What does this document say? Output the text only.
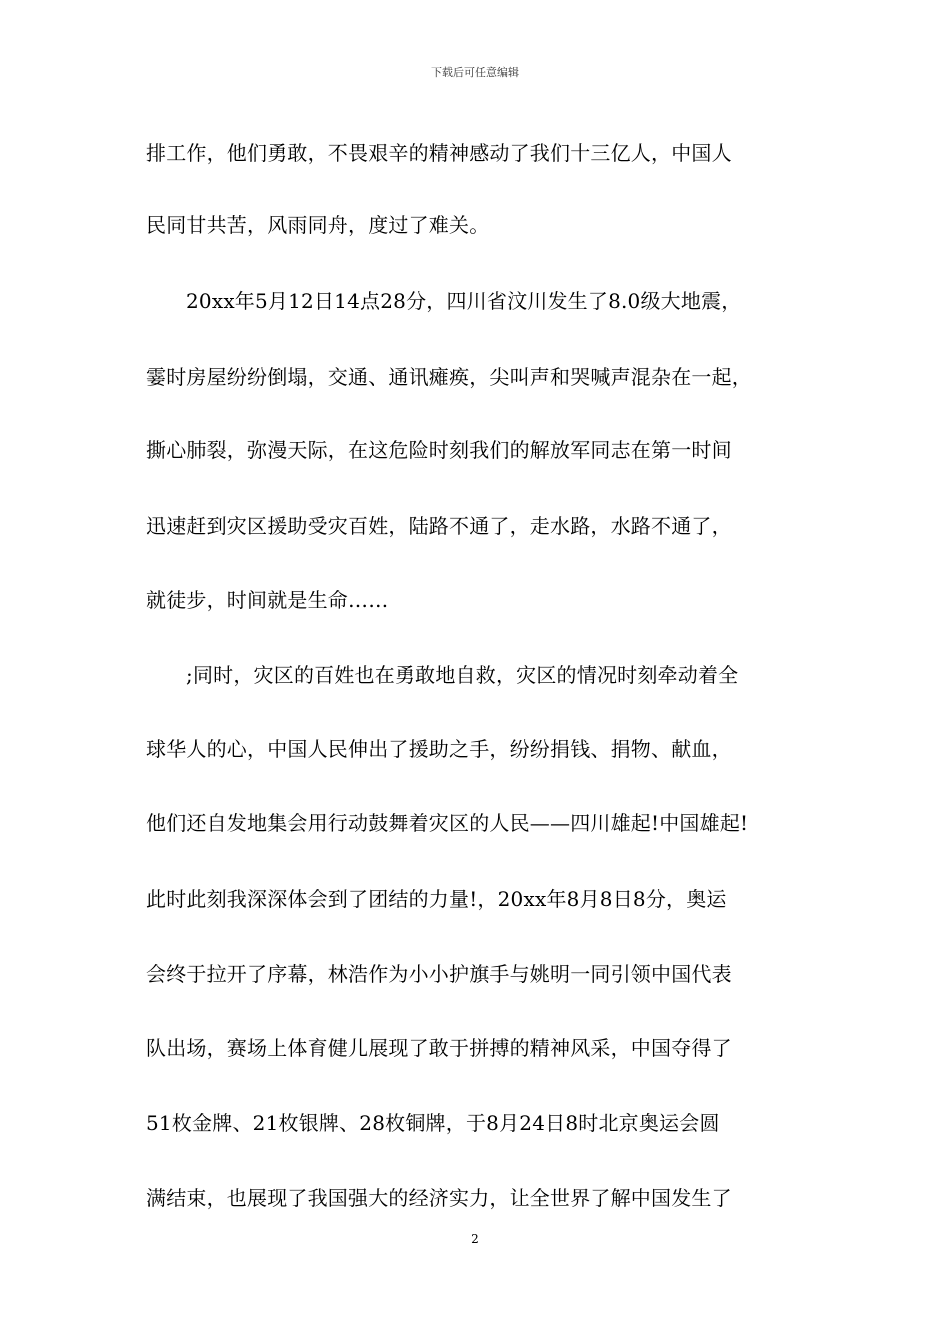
下载后可任意编辑
排工作，他们勇敢，不畏艰辛的精神感动了我们十三亿人，中国人
民同甘共苦，风雨同舟，度过了难关。
20xx年5月12日14点28分，四川省汶川发生了8.0级大地震，
霎时房屋纷纷倒塌，交通、通讯瘫痪，尖叫声和哭喊声混杂在一起，
撕心肺裂，弥漫天际，在这危险时刻我们的解放军同志在第一时间
迅速赶到灾区援助受灾百姓，陆路不通了，走水路，水路不通了，
就徒步，时间就是生命……
;同时，灾区的百姓也在勇敢地自救，灾区的情况时刻牵动着全
球华人的心，中国人民伸出了援助之手，纷纷捐钱、捐物、献血，
他们还自发地集会用行动鼓舞着灾区的人民——四川雄起!中国雄起!
此时此刻我深深体会到了团结的力量!，20xx年8月8日8分，奥运
会终于拉开了序幕，林浩作为小小护旗手与姚明一同引领中国代表
队出场，赛场上体育健儿展现了敢于拼搏的精神风采，中国夺得了
51枚金牌、21枚银牌、28枚铜牌，于8月24日8时北京奥运会圆
满结束，也展现了我国强大的经济实力，让全世界了解中国发生了
2
